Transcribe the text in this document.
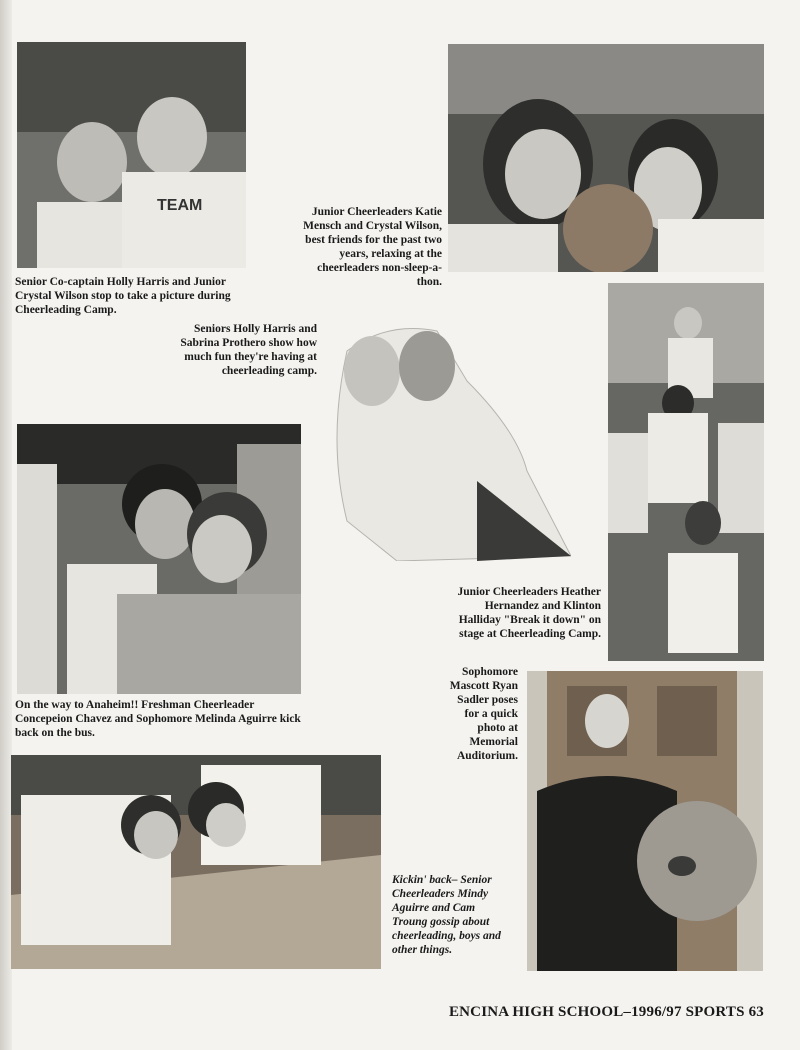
TEAM

Senior Co-captain Holly Harris and Junior Crystal Wilson stop to take a picture during Cheerleading Camp.

Junior Cheerleaders Katie Mensch and Crystal Wilson, best friends for the past two years, relaxing at the cheerleaders non-sleep-a-thon.

Seniors Holly Harris and Sabrina Prothero show how much fun they're having at cheerleading camp.

Junior Cheerleaders Heather Hernandez and Klinton Halliday "Break it down" on stage at Cheerleading Camp.

On the way to Anaheim!! Freshman Cheerleader Concepeion Chavez and Sophomore Melinda Aguirre kick back on the bus.

Sophomore Mascott Ryan Sadler poses for a quick photo at Memorial Auditorium.

Kickin' back– Senior Cheerleaders Mindy Aguirre and Cam Troung gossip about cheerleading, boys and other things.

ENCINA HIGH SCHOOL–1996/97 SPORTS 63
